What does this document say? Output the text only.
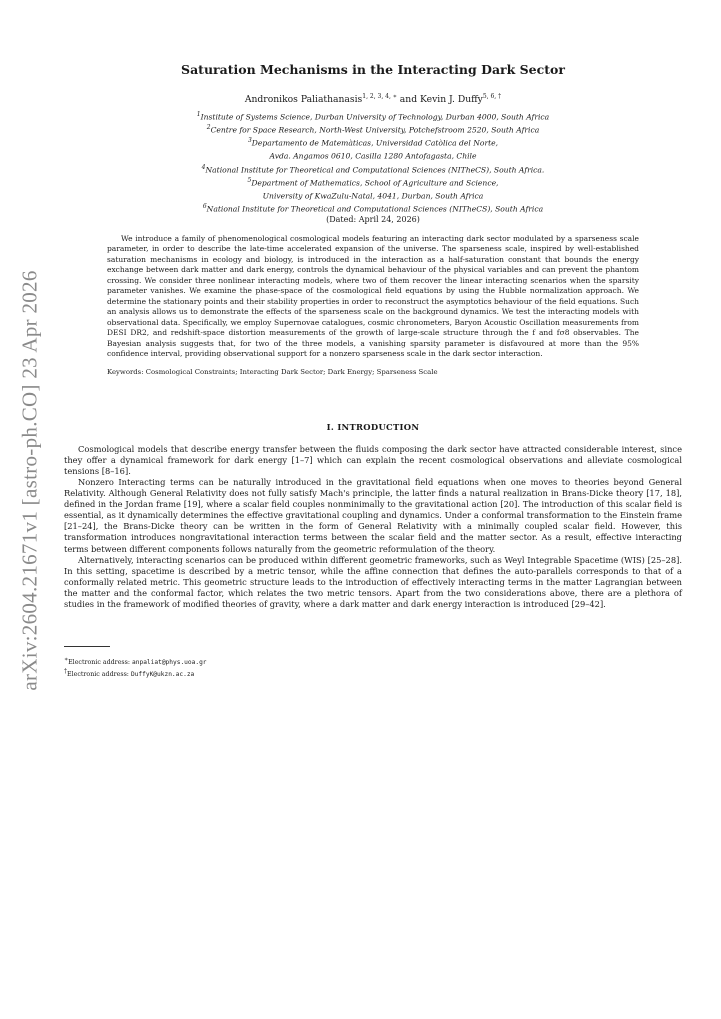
arXiv:2604.21671v1 [astro-ph.CO] 23 Apr 2026
Saturation Mechanisms in the Interacting Dark Sector
Andronikos Paliathanasis$^{1, 2, 3, 4, ∗}$ and Kevin J. Duffy$^{5, 6, \dagger}$
$^1$Institute of Systems Science, Durban University of Technology, Durban 4000, South Africa
$^2$Centre for Space Research, North-West University, Potchefstroom 2520, South Africa
$^3$Departamento de Matemàticas, Universidad Catòlica del Norte,
Avda. Angamos 0610, Casilla 1280 Antofagasta, Chile
$^4$National Institute for Theoretical and Computational Sciences (NITheCS), South Africa.
$^5$Department of Mathematics, School of Agriculture and Science,
University of KwaZulu-Natal, 4041, Durban, South Africa
$^6$National Institute for Theoretical and Computational Sciences (NITheCS), South Africa
(Dated: April 24, 2026)
We introduce a family of phenomenological cosmological models featuring an interacting dark sector modulated by a sparseness scale parameter, in order to describe the late-time accelerated expansion of the universe. The sparseness scale, inspired by well-established saturation mechanisms in ecology and biology, is introduced in the interaction as a half-saturation constant that bounds the energy exchange between dark matter and dark energy, controls the dynamical behaviour of the physical variables and can prevent the phantom crossing. We consider three nonlinear interacting models, where two of them recover the linear interacting scenarios when the sparsity parameter vanishes. We examine the phase-space of the cosmological field equations by using the Hubble normalization approach. We determine the stationary points and their stability properties in order to reconstruct the asymptotics behaviour of the field equations. Such an analysis allows us to demonstrate the effects of the sparseness scale on the background dynamics. We test the interacting models with observational data. Specifically, we employ Supernovae catalogues, cosmic chronometers, Baryon Acoustic Oscillation measurements from DESI DR2, and redshift-space distortion measurements of the growth of large-scale structure through the f and fσ8 observables. The Bayesian analysis suggests that, for two of the three models, a vanishing sparsity parameter is disfavoured at more than the 95% confidence interval, providing observational support for a nonzero sparseness scale in the dark sector interaction.
Keywords: Cosmological Constraints; Interacting Dark Sector; Dark Energy; Sparseness Scale
I. INTRODUCTION

Cosmological models that describe energy transfer between the fluids composing the dark sector have attracted considerable interest, since they offer a dynamical framework for dark energy [1–7] which can explain the recent cosmological observations and alleviate cosmological tensions [8–16].

Nonzero Interacting terms can be naturally introduced in the gravitational field equations when one moves to theories beyond General Relativity. Although General Relativity does not fully satisfy Mach's principle, the latter finds a natural realization in Brans-Dicke theory [17, 18], defined in the Jordan frame [19], where a scalar field couples nonminimally to the gravitational action [20]. The introduction of this scalar field is essential, as it dynamically determines the effective gravitational coupling and dynamics. Under a conformal transformation to the Einstein frame [21–24], the Brans-Dicke theory can be written in the form of General Relativity with a minimally coupled scalar field. However, this transformation introduces nongravitational interaction terms between the scalar field and the matter sector. As a result, effective interacting terms between different components follows naturally from the geometric reformulation of the theory.

Alternatively, interacting scenarios can be produced within different geometric frameworks, such as Weyl Integrable Spacetime (WIS) [25–28]. In this setting, spacetime is described by a metric tensor, while the affine connection that defines the auto-parallels corresponds to that of a conformally related metric. This geometric structure leads to the introduction of effectively interacting terms in the matter Lagrangian between the matter and the conformal factor, which relates the two metric tensors. Apart from the two considerations above, there are a plethora of studies in the framework of modified theories of gravity, where a dark matter and dark energy interaction is introduced [29–42].

∗Electronic address: anpaliat@phys.uoa.gr
†Electronic address: DuffyK@ukzn.ac.za
